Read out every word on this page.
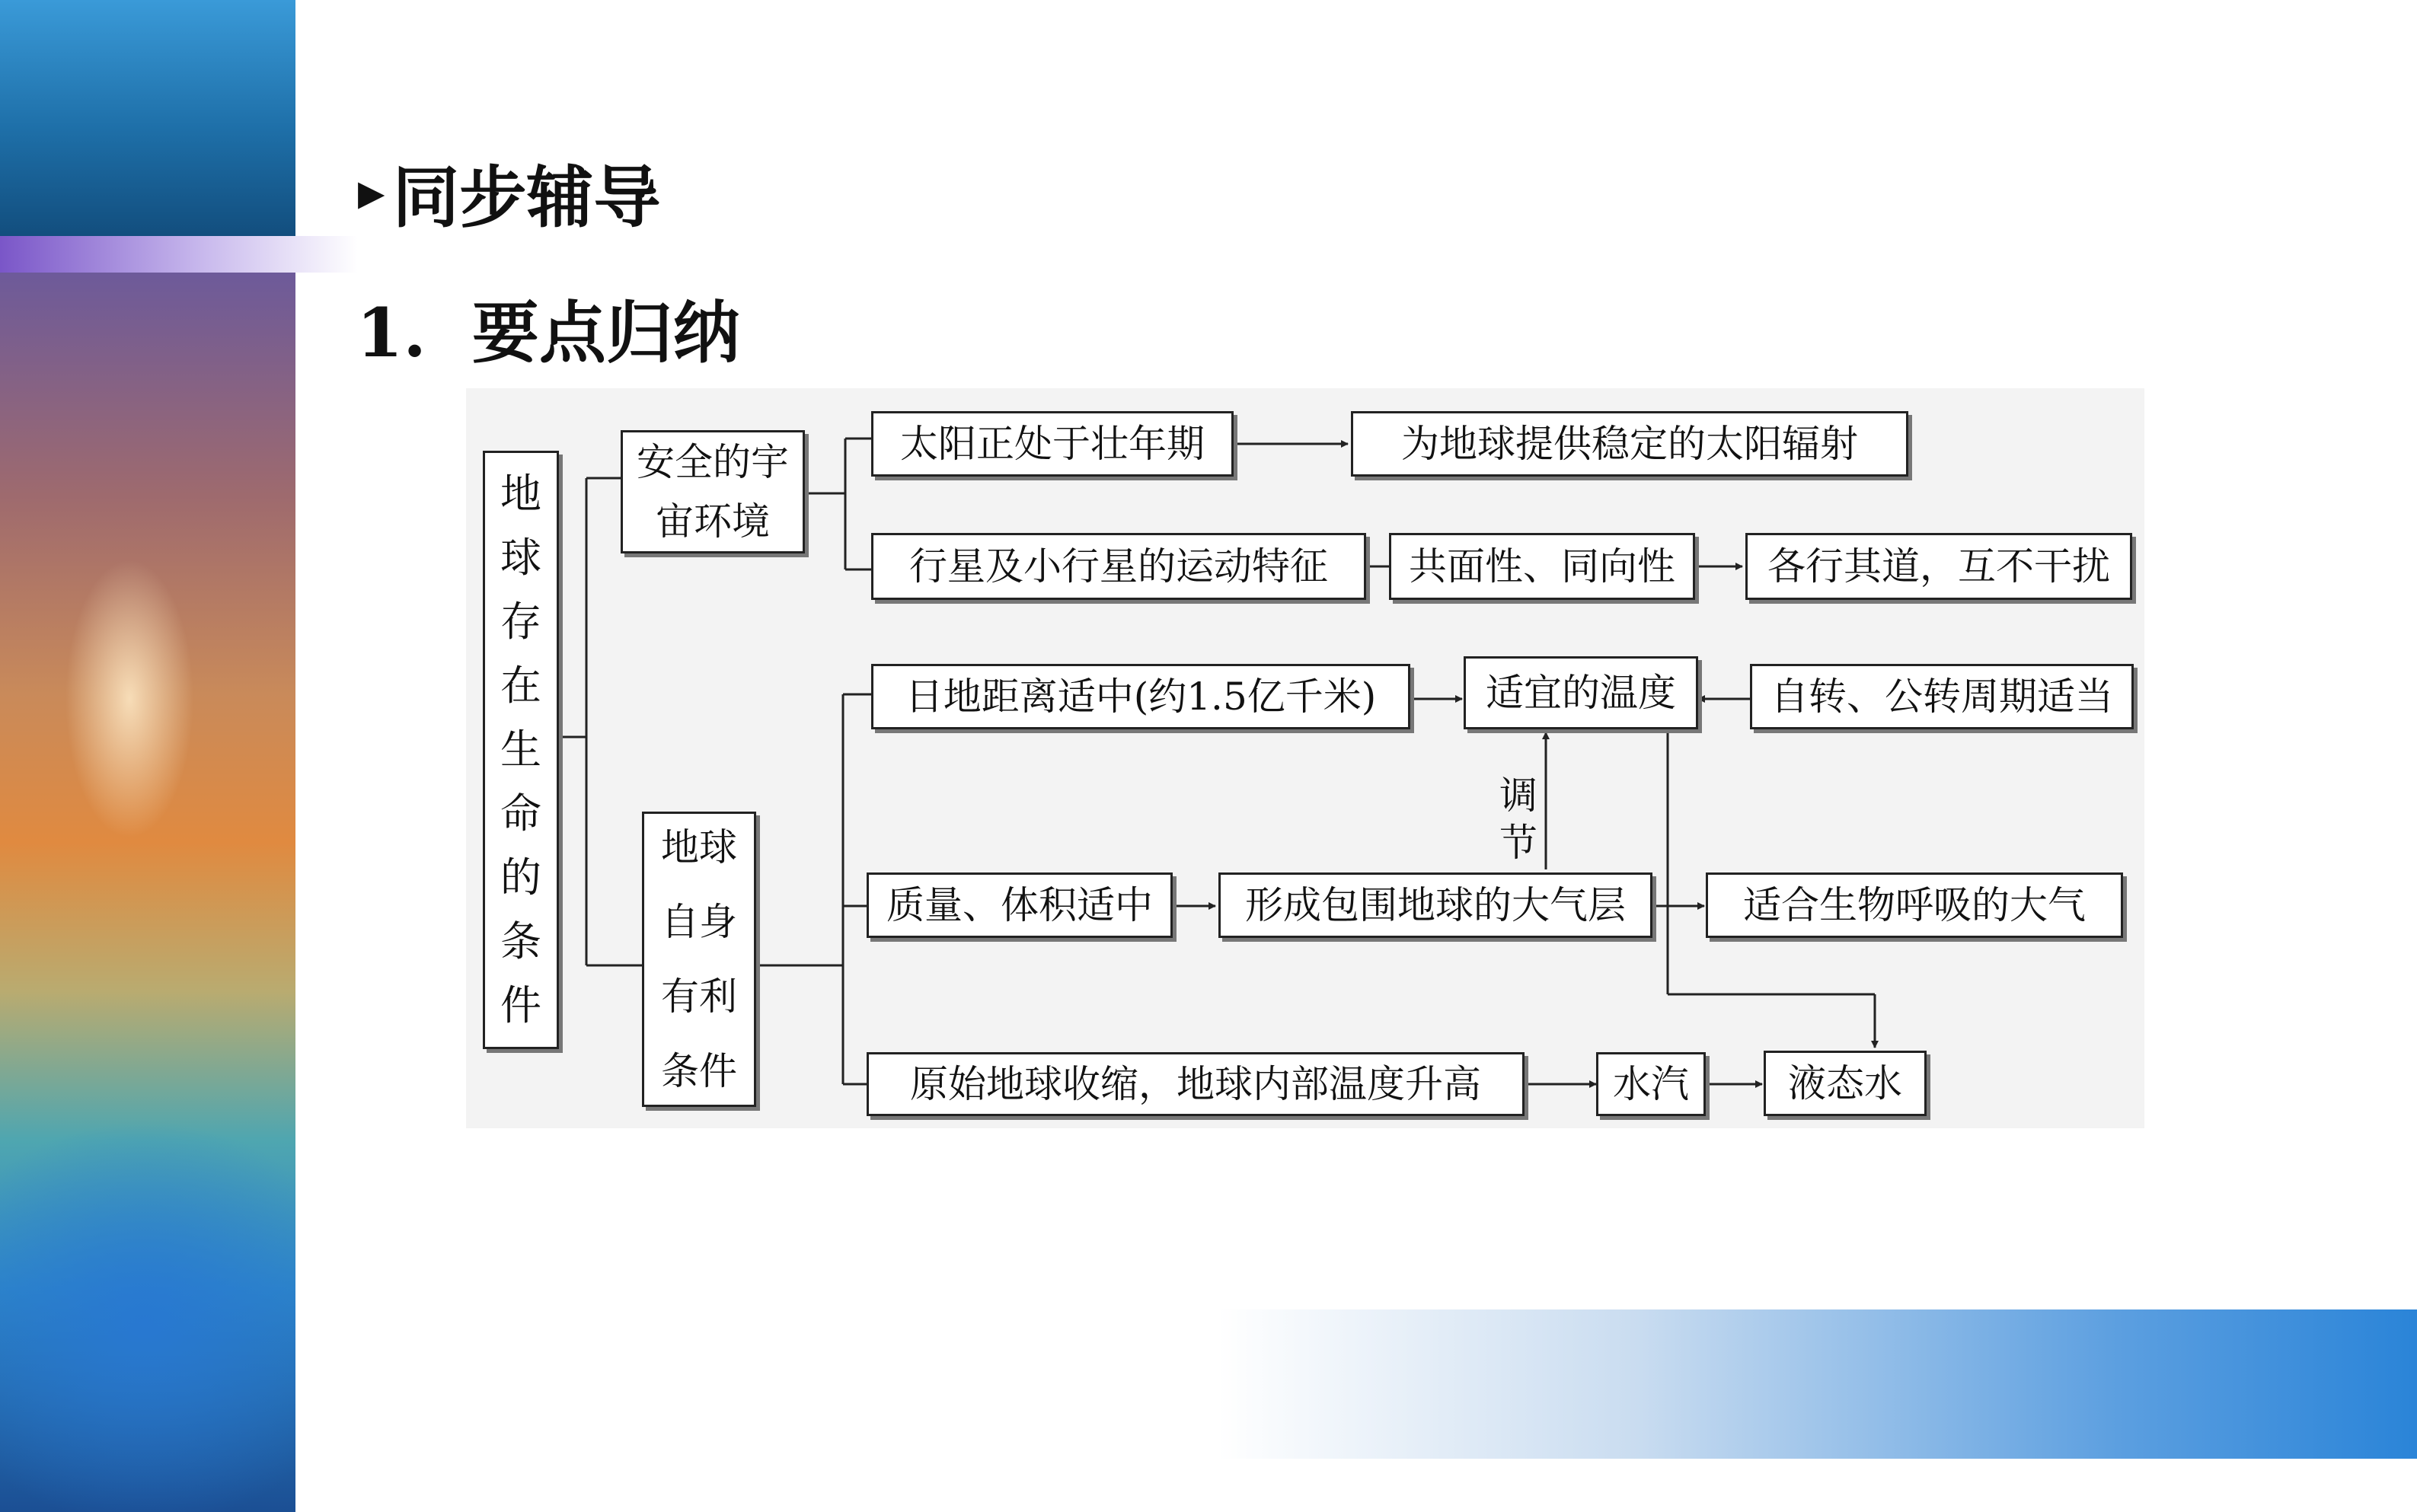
▶ 同步辅导
1. 要点归纳
地
球
存
在
生
命
的
条
件
安全的宇宙环境
地球自身有利条件
太阳正处于壮年期	为地球提供稳定的太阳辐射
行星及小行星的运动特征	共面性、同向性	各行其道，互不干扰
日地距离适中(约1.5亿千米)	适宜的温度	自转、公转周期适当
调
节
质量、体积适中	形成包围地球的大气层	适合生物呼吸的大气
原始地球收缩，地球内部温度升高	水汽	液态水
